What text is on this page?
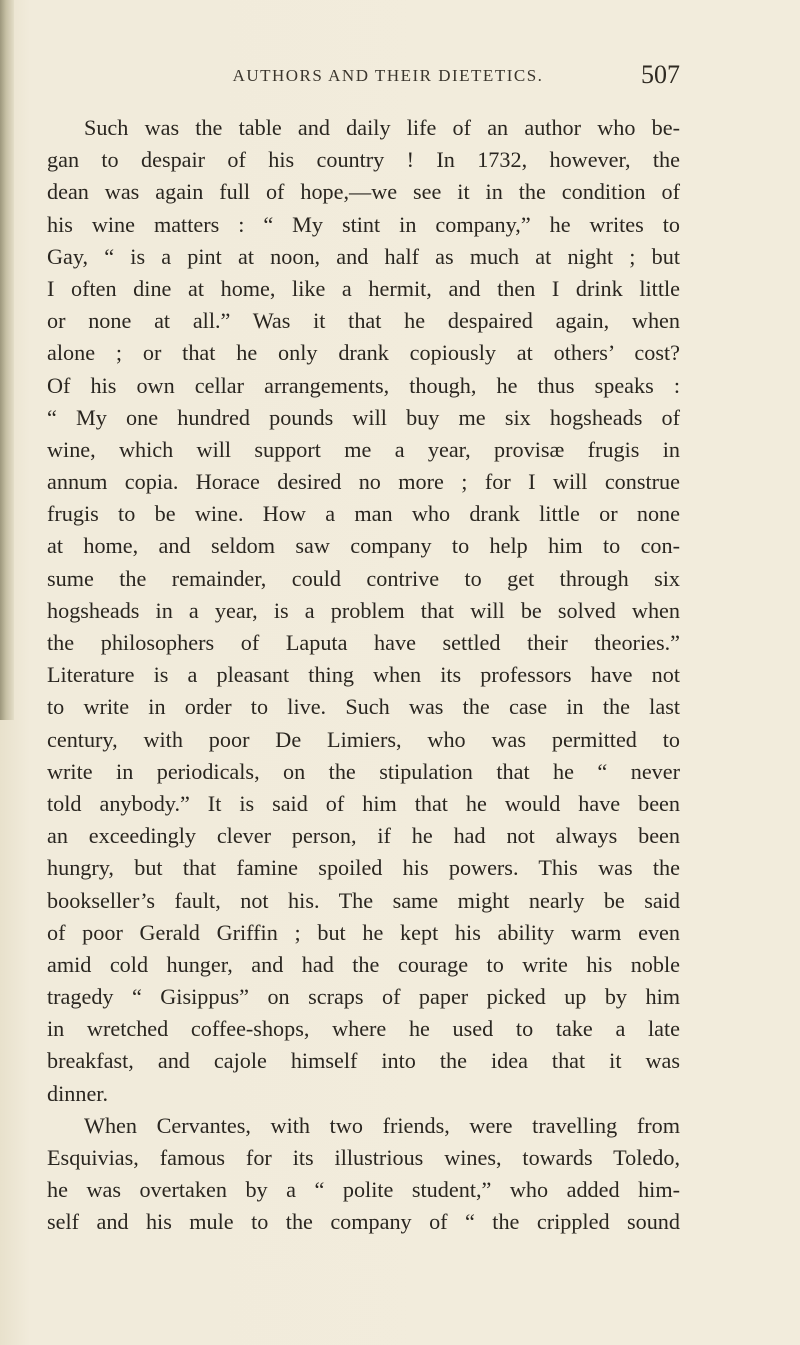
AUTHORS AND THEIR DIETETICS.	507
Such was the table and daily life of an author who be-
gan to despair of his country ! In 1732, however, the
dean was again full of hope,—we see it in the condition of
his wine matters : “ My stint in company,” he writes to
Gay, “ is a pint at noon, and half as much at night ; but
I often dine at home, like a hermit, and then I drink little
or none at all.” Was it that he despaired again, when
alone ; or that he only drank copiously at others’ cost?
Of his own cellar arrangements, though, he thus speaks :
“ My one hundred pounds will buy me six hogsheads of
wine, which will support me a year, provisæ frugis in
annum copia. Horace desired no more ; for I will construe
frugis to be wine. How a man who drank little or none
at home, and seldom saw company to help him to con-
sume the remainder, could contrive to get through six
hogsheads in a year, is a problem that will be solved when
the philosophers of Laputa have settled their theories.”
Literature is a pleasant thing when its professors have not
to write in order to live. Such was the case in the last
century, with poor De Limiers, who was permitted to
write in periodicals, on the stipulation that he “ never
told anybody.” It is said of him that he would have been
an exceedingly clever person, if he had not always been
hungry, but that famine spoiled his powers. This was the
bookseller’s fault, not his. The same might nearly be said
of poor Gerald Griffin ; but he kept his ability warm even
amid cold hunger, and had the courage to write his noble
tragedy “ Gisippus” on scraps of paper picked up by him
in wretched coffee-shops, where he used to take a late
breakfast, and cajole himself into the idea that it was
dinner.
When Cervantes, with two friends, were travelling from
Esquivias, famous for its illustrious wines, towards Toledo,
he was overtaken by a “ polite student,” who added him-
self and his mule to the company of “ the crippled sound
